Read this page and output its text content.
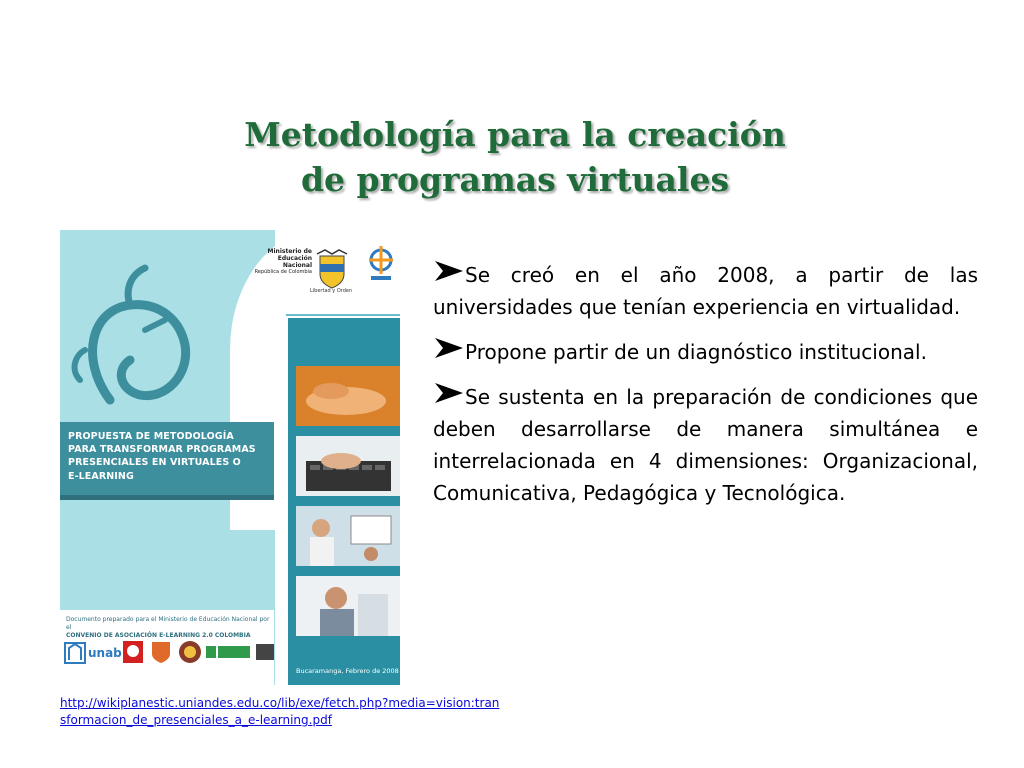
Metodología para la creación
de programas virtuales
Ministerio de
Educación Nacional
República de Colombia
Libertad y Orden
PROPUESTA DE METODOLOGÍA
PARA TRANSFORMAR PROGRAMAS
PRESENCIALES EN VIRTUALES O
E-LEARNING
Bucaramanga, Febrero de 2008
Documento preparado para el Ministerio de Educación Nacional por el
CONVENIO DE ASOCIACIÓN E-LEARNING 2.0 COLOMBIA
unab
Se creó en el año 2008, a partir de las universidades que tenían experiencia en virtualidad.
Propone partir de un diagnóstico institucional.
Se sustenta en la preparación de condiciones que deben desarrollarse de manera simultánea e interrelacionada en 4 dimensiones: Organizacional, Comunicativa, Pedagógica y Tecnológica.
http://wikiplanestic.uniandes.edu.co/lib/exe/fetch.php?media=vision:transformacion_de_presenciales_a_e-learning.pdf
